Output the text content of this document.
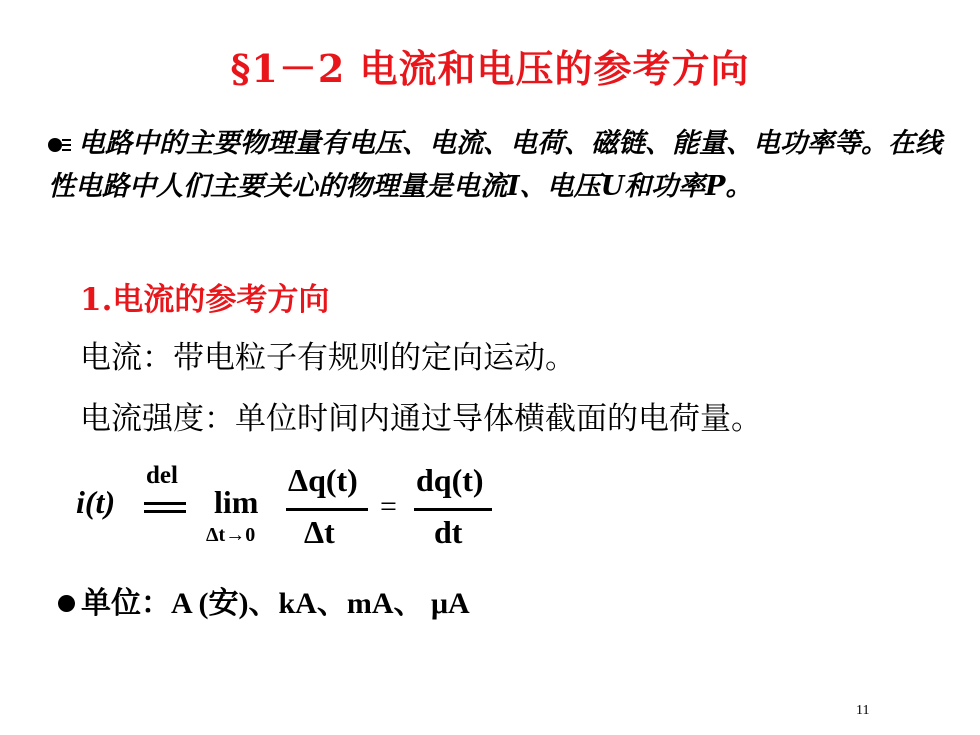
§1－2 电流和电压的参考方向
电路中的主要物理量有电压、电流、电荷、磁链、能量、电功率等。在线性电路中人们主要关心的物理量是电流I、电压U和功率P。
1.电流的参考方向
电流：带电粒子有规则的定向运动。
电流强度：单位时间内通过导体横截面的电荷量。
i(t)
del
lim
Δt→0
Δq(t)
Δt
=
dq(t)
dt
单位：A (安)、kA、mA、 μA
11
